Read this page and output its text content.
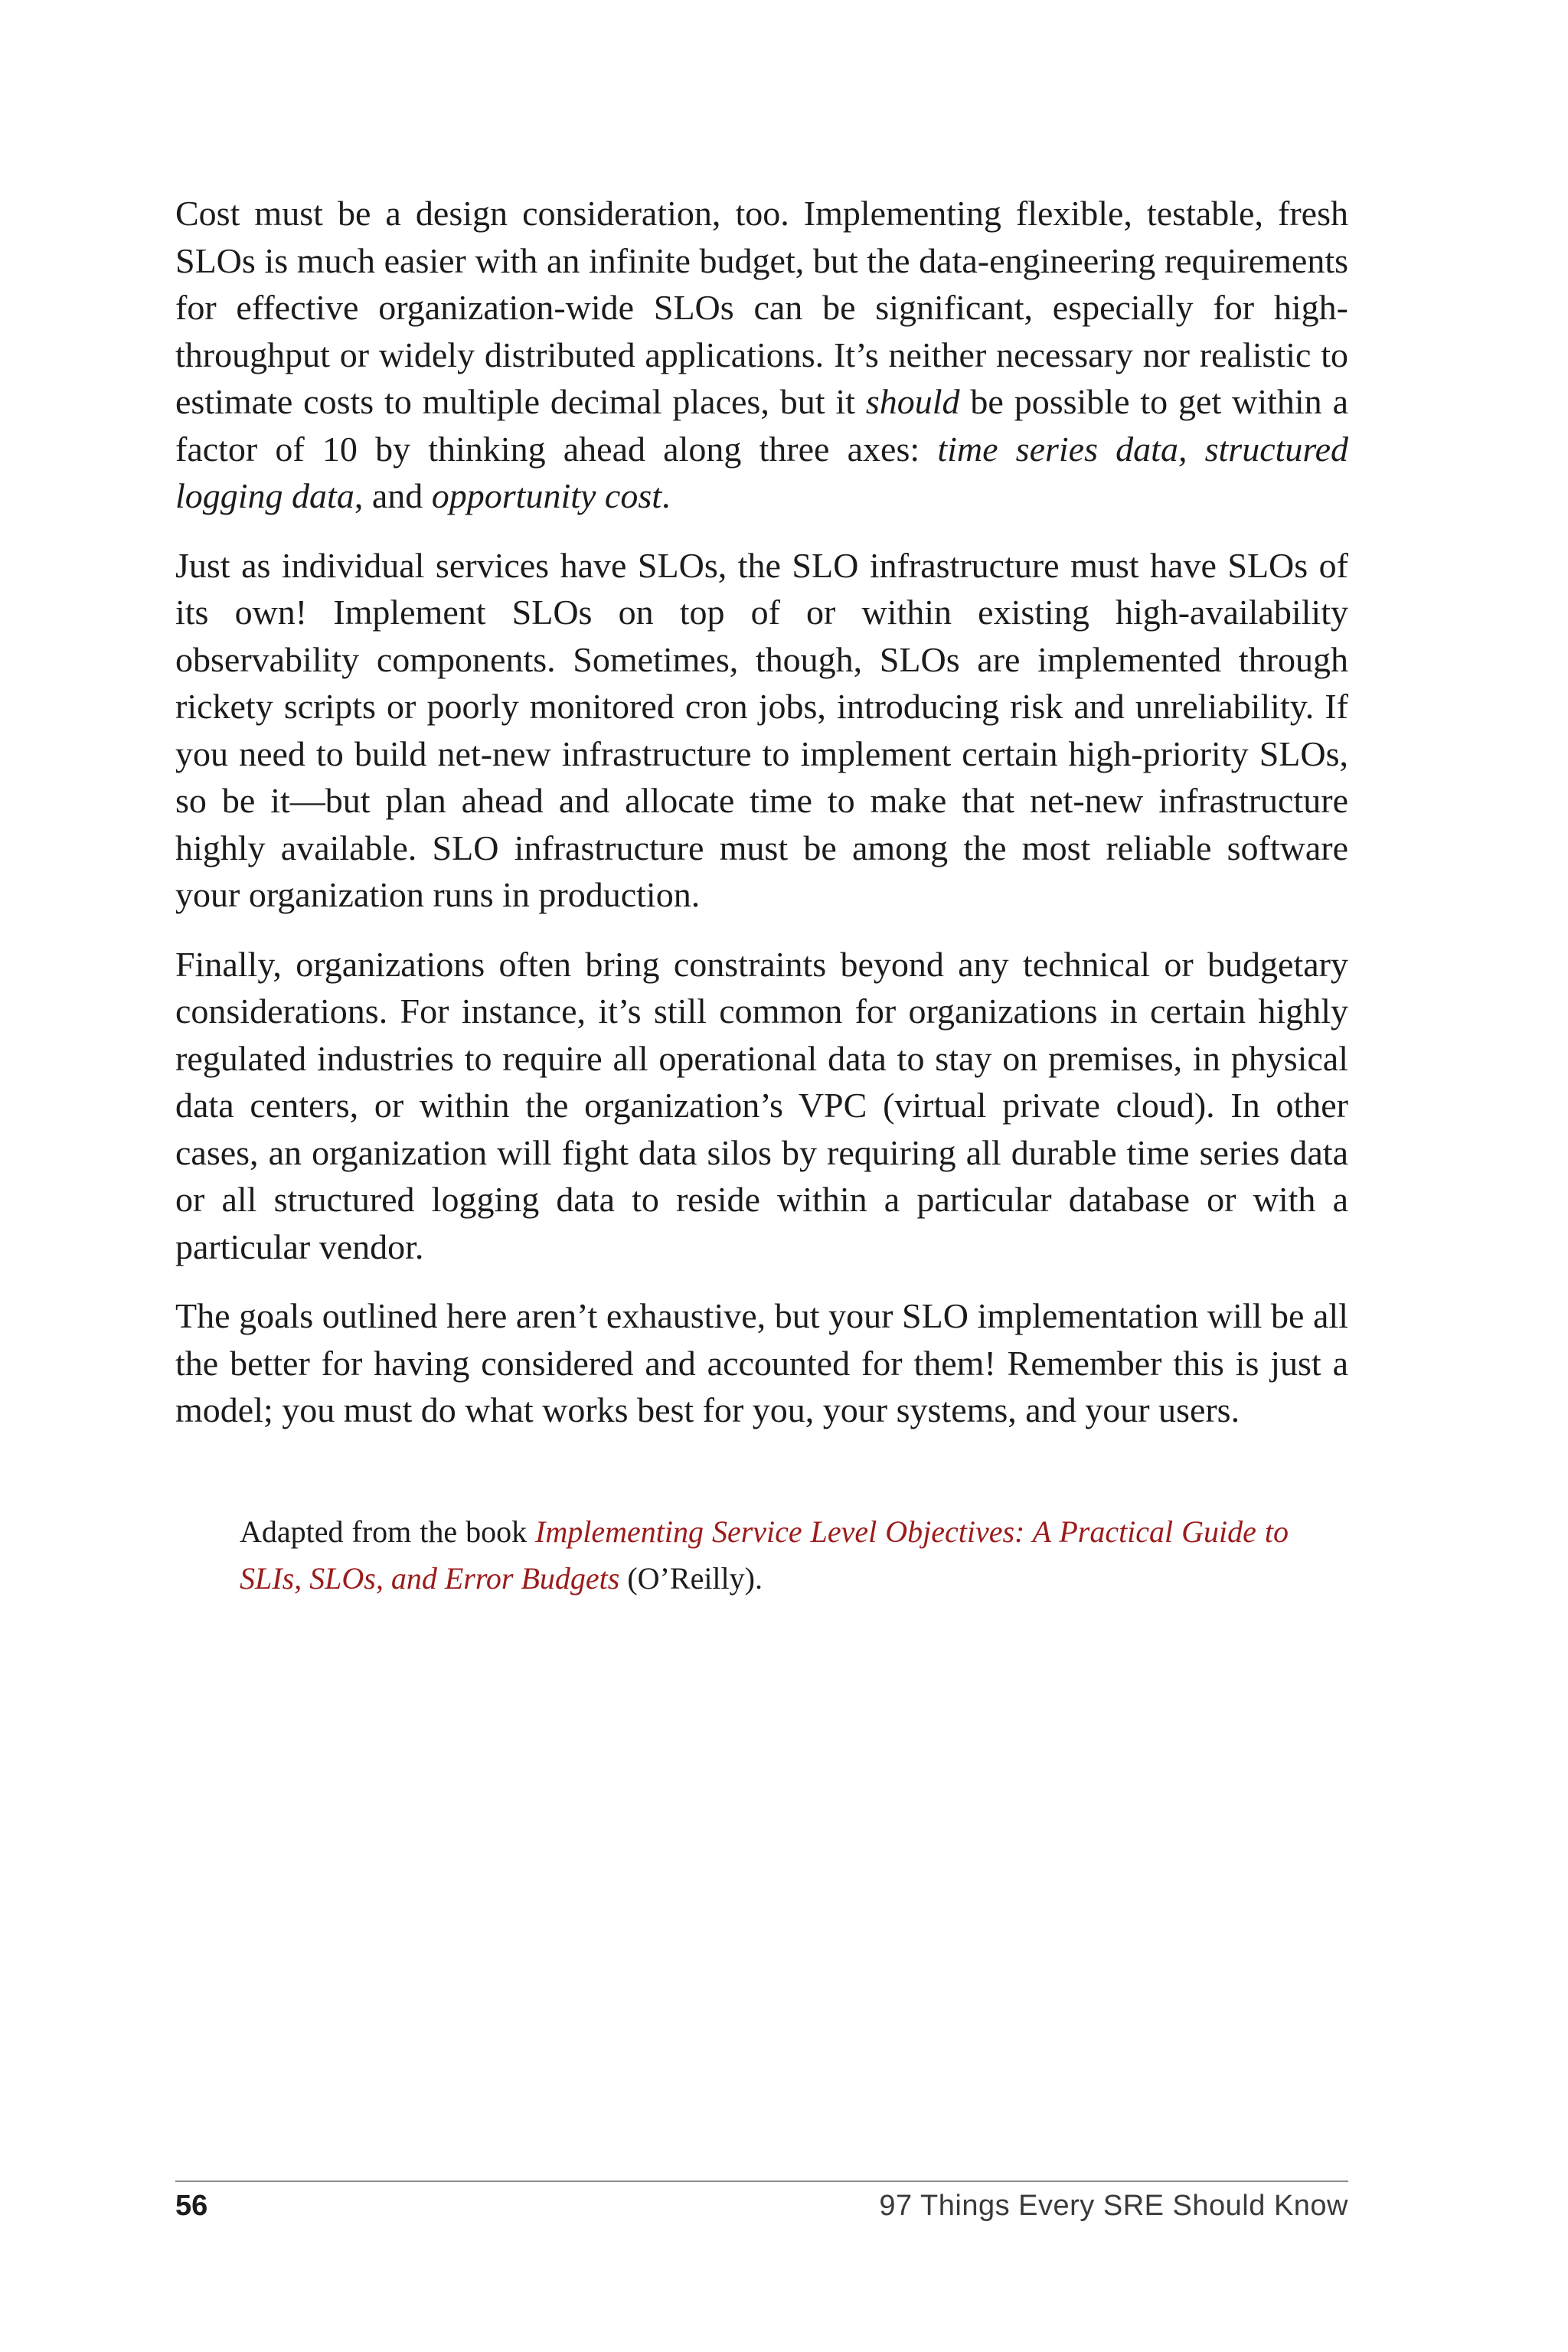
Cost must be a design consideration, too. Implementing flexible, testable, fresh SLOs is much easier with an infinite budget, but the data-engineering requirements for effective organization-wide SLOs can be significant, especially for high-throughput or widely distributed applications. It’s neither necessary nor realistic to estimate costs to multiple decimal places, but it should be possible to get within a factor of 10 by thinking ahead along three axes: time series data, structured logging data, and opportunity cost.

Just as individual services have SLOs, the SLO infrastructure must have SLOs of its own! Implement SLOs on top of or within existing high-availability observability components. Sometimes, though, SLOs are implemented through rickety scripts or poorly monitored cron jobs, introducing risk and unreliability. If you need to build net-new infrastructure to implement certain high-priority SLOs, so be it—but plan ahead and allocate time to make that net-new infrastructure highly available. SLO infrastructure must be among the most reliable software your organization runs in production.

Finally, organizations often bring constraints beyond any technical or budgetary considerations. For instance, it’s still common for organizations in certain highly regulated industries to require all operational data to stay on premises, in physical data centers, or within the organization’s VPC (virtual private cloud). In other cases, an organization will fight data silos by requiring all durable time series data or all structured logging data to reside within a particular database or with a particular vendor.

The goals outlined here aren’t exhaustive, but your SLO implementation will be all the better for having considered and accounted for them! Remember this is just a model; you must do what works best for you, your systems, and your users.

Adapted from the book Implementing Service Level Objectives: A Practical Guide to SLIs, SLOs, and Error Budgets (O’Reilly).
56	97 Things Every SRE Should Know
